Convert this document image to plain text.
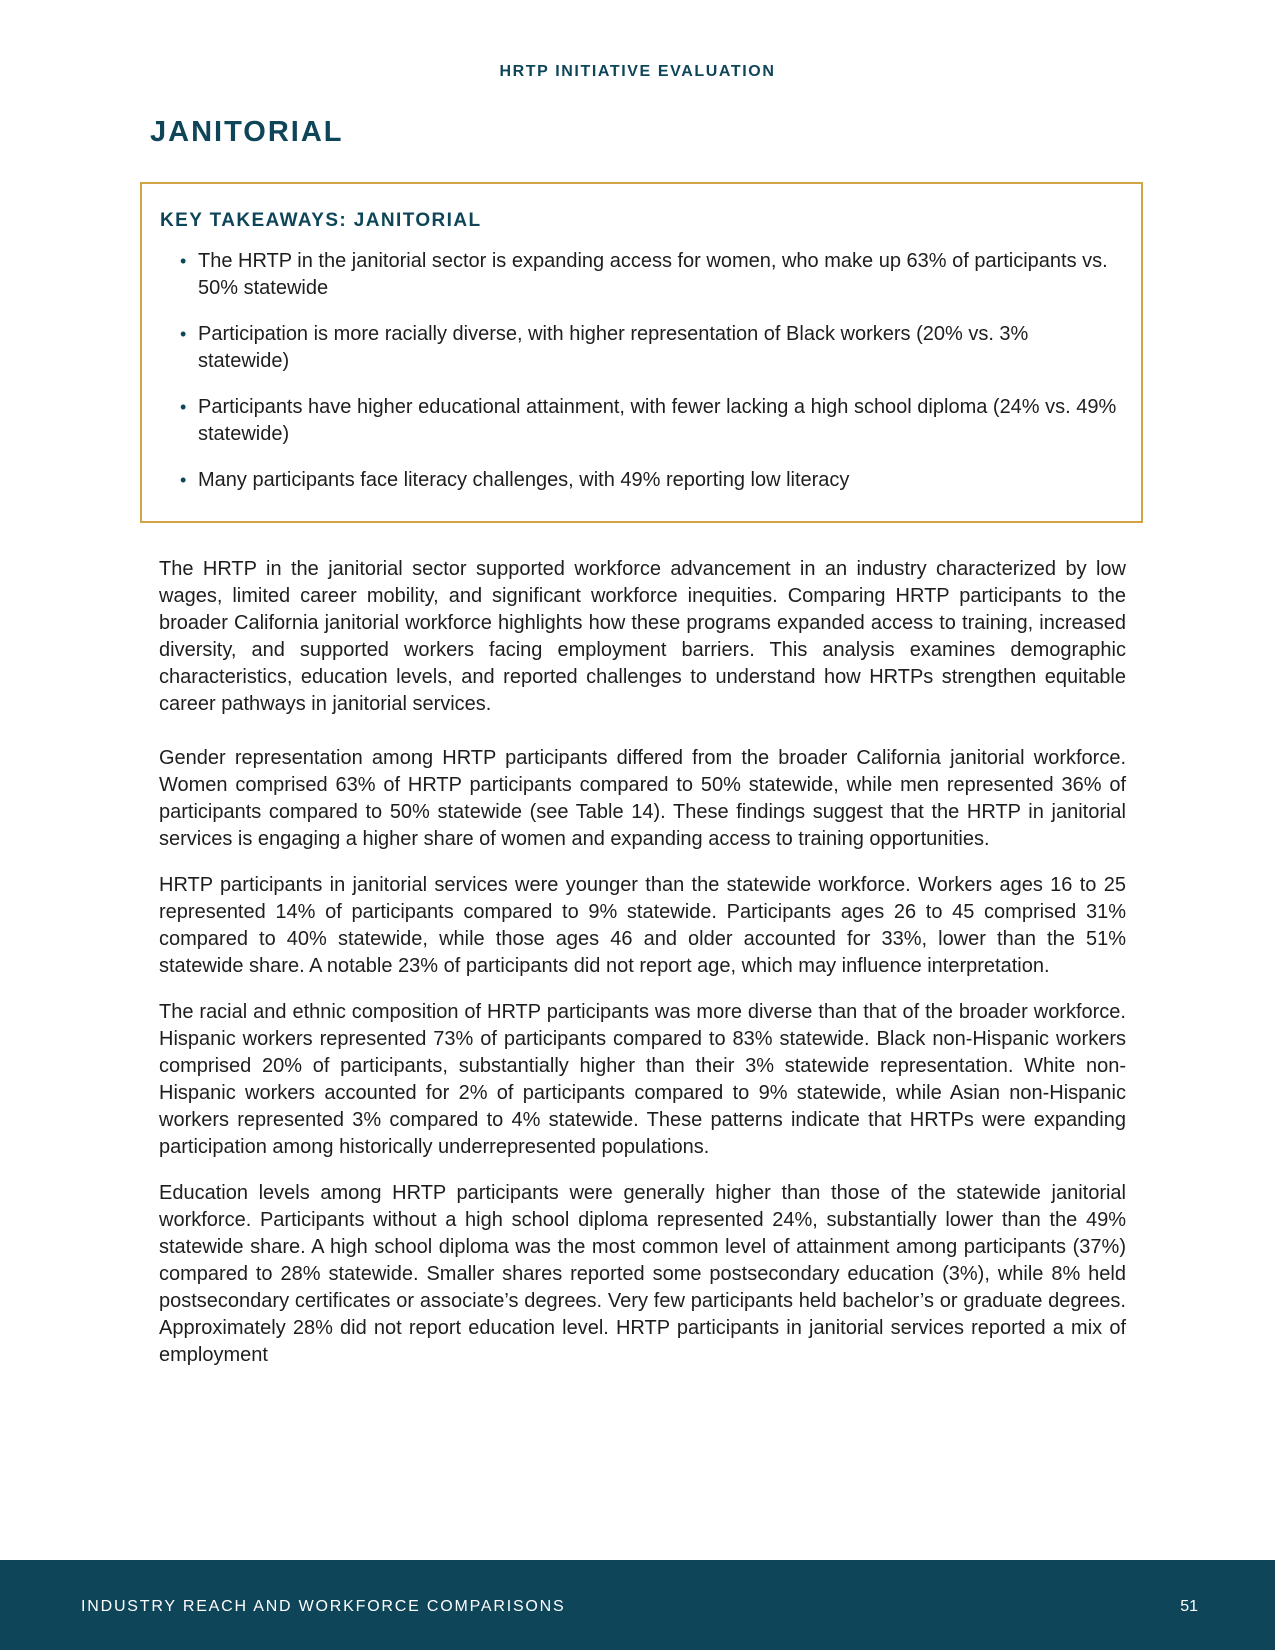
HRTP INITIATIVE EVALUATION
JANITORIAL
KEY TAKEAWAYS: JANITORIAL
• The HRTP in the janitorial sector is expanding access for women, who make up 63% of participants vs. 50% statewide
• Participation is more racially diverse, with higher representation of Black workers (20% vs. 3% statewide)
• Participants have higher educational attainment, with fewer lacking a high school diploma (24% vs. 49% statewide)
• Many participants face literacy challenges, with 49% reporting low literacy

The HRTP in the janitorial sector supported workforce advancement in an industry characterized by low wages, limited career mobility, and significant workforce inequities. Comparing HRTP participants to the broader California janitorial workforce highlights how these programs expanded access to training, increased diversity, and supported workers facing employment barriers. This analysis examines demographic characteristics, education levels, and reported challenges to understand how HRTPs strengthen equitable career pathways in janitorial services.

Gender representation among HRTP participants differed from the broader California janitorial workforce. Women comprised 63% of HRTP participants compared to 50% statewide, while men represented 36% of participants compared to 50% statewide (see Table 14). These findings suggest that the HRTP in janitorial services is engaging a higher share of women and expanding access to training opportunities.

HRTP participants in janitorial services were younger than the statewide workforce. Workers ages 16 to 25 represented 14% of participants compared to 9% statewide. Participants ages 26 to 45 comprised 31% compared to 40% statewide, while those ages 46 and older accounted for 33%, lower than the 51% statewide share. A notable 23% of participants did not report age, which may influence interpretation.

The racial and ethnic composition of HRTP participants was more diverse than that of the broader workforce. Hispanic workers represented 73% of participants compared to 83% statewide. Black non-Hispanic workers comprised 20% of participants, substantially higher than their 3% statewide representation. White non-Hispanic workers accounted for 2% of participants compared to 9% statewide, while Asian non-Hispanic workers represented 3% compared to 4% statewide. These patterns indicate that HRTPs were expanding participation among historically underrepresented populations.

Education levels among HRTP participants were generally higher than those of the statewide janitorial workforce. Participants without a high school diploma represented 24%, substantially lower than the 49% statewide share. A high school diploma was the most common level of attainment among participants (37%) compared to 28% statewide. Smaller shares reported some postsecondary education (3%), while 8% held postsecondary certificates or associate’s degrees. Very few participants held bachelor’s or graduate degrees. Approximately 28% did not report education level. HRTP participants in janitorial services reported a mix of employment

INDUSTRY REACH AND WORKFORCE COMPARISONS	51
